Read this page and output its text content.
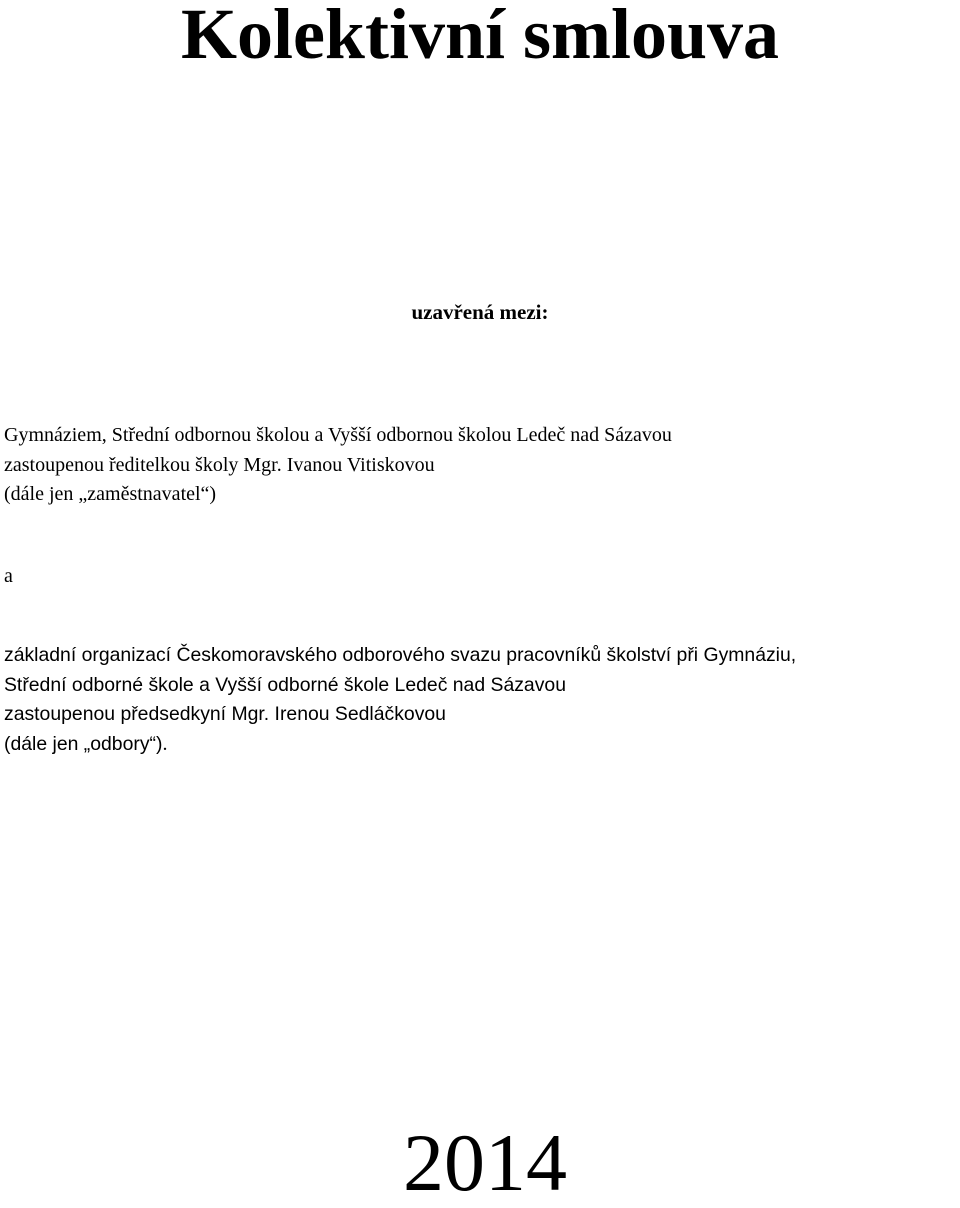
Kolektivní smlouva

uzavřená mezi:

Gymnáziem, Střední odbornou školou a Vyšší odbornou školou Ledeč nad Sázavou
zastoupenou ředitelkou školy Mgr. Ivanou Vitiskovou
(dále jen „zaměstnavatel“)

a

základní organizací Českomoravského odborového svazu pracovníků školství při Gymnáziu,
Střední odborné škole a Vyšší odborné škole Ledeč nad Sázavou
zastoupenou předsedkyní Mgr. Irenou Sedláčkovou
(dále jen „odbory“).

2014
